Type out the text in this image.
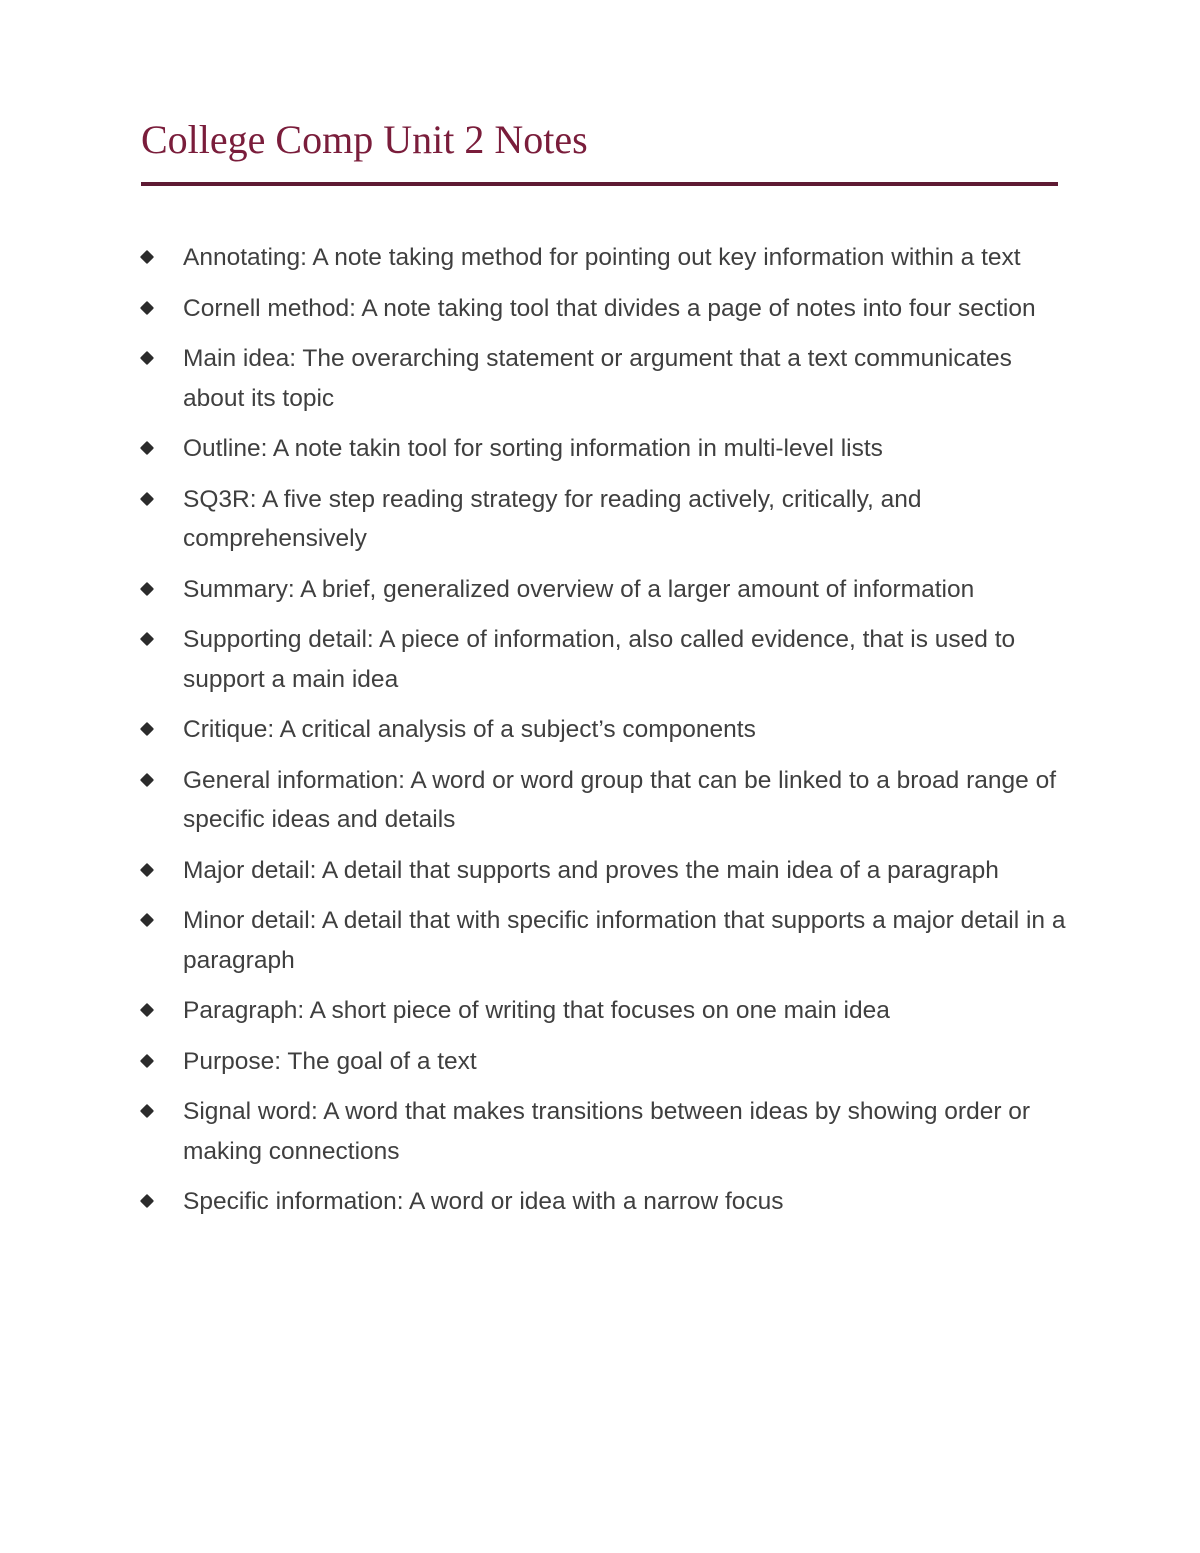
College Comp Unit 2 Notes
Annotating: A note taking method for pointing out key information within a text
Cornell method: A note taking tool that divides a page of notes into four section
Main idea: The overarching statement or argument that a text communicates about its topic
Outline: A note takin tool for sorting information in multi-level lists
SQ3R: A five step reading strategy for reading actively, critically, and comprehensively
Summary: A brief, generalized overview of a larger amount of information
Supporting detail: A piece of information, also called evidence, that is used to support a main idea
Critique: A critical analysis of a subject’s components
General information: A word or word group that can be linked to a broad range of specific ideas and details
Major detail: A detail that supports and proves the main idea of a paragraph
Minor detail: A detail that with specific information that supports a major detail in a paragraph
Paragraph: A short piece of writing that focuses on one main idea
Purpose: The goal of a text
Signal word: A word that makes transitions between ideas by showing order or making connections
Specific information: A word or idea with a narrow focus
